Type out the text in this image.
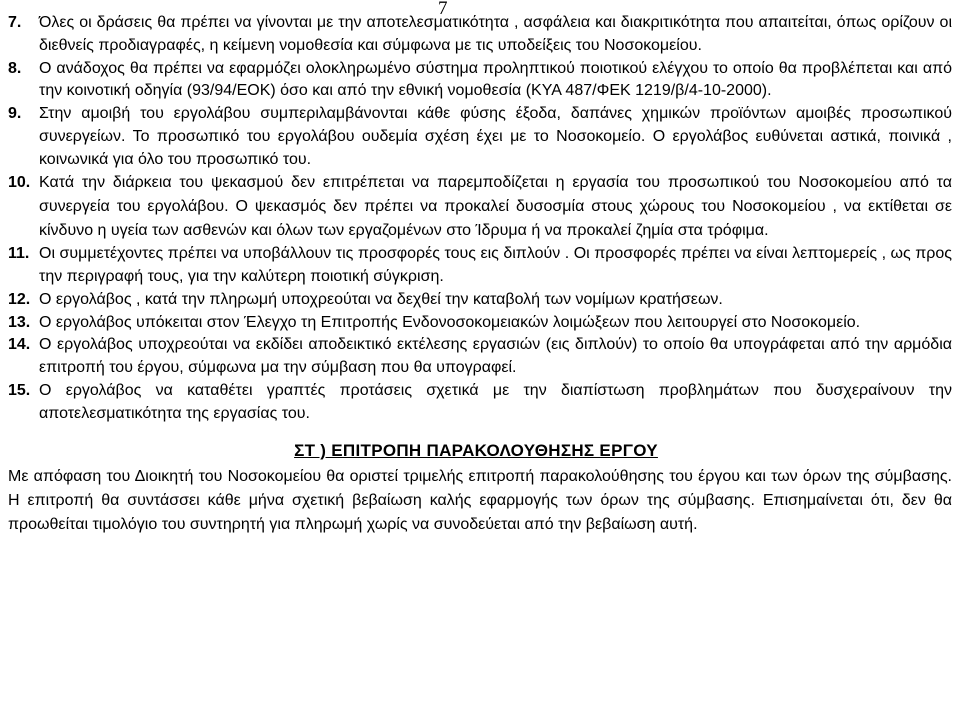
7
7. Όλες οι δράσεις θα πρέπει να γίνονται με την αποτελεσματικότητα , ασφάλεια και διακριτικότητα που απαιτείται, όπως ορίζουν οι διεθνείς προδιαγραφές, η κείμενη νομοθεσία και σύμφωνα με τις υποδείξεις του Νοσοκομείου.
8. Ο ανάδοχος θα πρέπει να εφαρμόζει ολοκληρωμένο σύστημα προληπτικού ποιοτικού ελέγχου το οποίο θα προβλέπεται και από την κοινοτική οδηγία (93/94/ΕΟΚ) όσο και από την εθνική νομοθεσία (ΚΥΑ 487/ΦΕΚ 1219/β/4-10-2000).
9. Στην αμοιβή του εργολάβου συμπεριλαμβάνονται κάθε φύσης έξοδα, δαπάνες χημικών προϊόντων αμοιβές προσωπικού συνεργείων. Το προσωπικό του εργολάβου ουδεμία σχέση έχει με το Νοσοκομείο. Ο εργολάβος ευθύνεται αστικά, ποινικά , κοινωνικά για όλο του προσωπικό του.
10. Κατά την διάρκεια του ψεκασμού δεν επιτρέπεται να παρεμποδίζεται η εργασία του προσωπικού του Νοσοκομείου από τα συνεργεία του εργολάβου. Ο ψεκασμός δεν πρέπει να προκαλεί δυσοσμία στους χώρους του Νοσοκομείου , να εκτίθεται σε κίνδυνο η υγεία των ασθενών και όλων των εργαζομένων στο Ίδρυμα ή να προκαλεί ζημία στα τρόφιμα.
11. Οι συμμετέχοντες πρέπει να υποβάλλουν τις προσφορές τους εις διπλούν . Οι προσφορές πρέπει να είναι λεπτομερείς , ως προς την περιγραφή τους, για την καλύτερη ποιοτική σύγκριση.
12. Ο εργολάβος , κατά την πληρωμή υποχρεούται να δεχθεί την καταβολή των νομίμων κρατήσεων.
13. Ο εργολάβος υπόκειται στον Έλεγχο τη Επιτροπής Ενδονοσοκομειακών λοιμώξεων που λειτουργεί στο Νοσοκομείο.
14. Ο εργολάβος υποχρεούται να εκδίδει αποδεικτικό εκτέλεσης εργασιών (εις διπλούν) το οποίο θα υπογράφεται από την αρμόδια επιτροπή του έργου, σύμφωνα μα την σύμβαση που θα υπογραφεί.
15. Ο εργολάβος να καταθέτει γραπτές προτάσεις σχετικά με την διαπίστωση προβλημάτων που δυσχεραίνουν την αποτελεσματικότητα της εργασίας του.
ΣΤ ) ΕΠΙΤΡΟΠΗ ΠΑΡΑΚΟΛΟΥΘΗΣΗΣ ΕΡΓΟΥ
Με απόφαση του Διοικητή του Νοσοκομείου θα οριστεί τριμελής επιτροπή παρακολούθησης του έργου και των όρων της σύμβασης. Η επιτροπή θα συντάσσει κάθε μήνα σχετική βεβαίωση καλής εφαρμογής των όρων της σύμβασης. Επισημαίνεται ότι, δεν θα προωθείται τιμολόγιο του συντηρητή για πληρωμή χωρίς να συνοδεύεται από την βεβαίωση αυτή.
